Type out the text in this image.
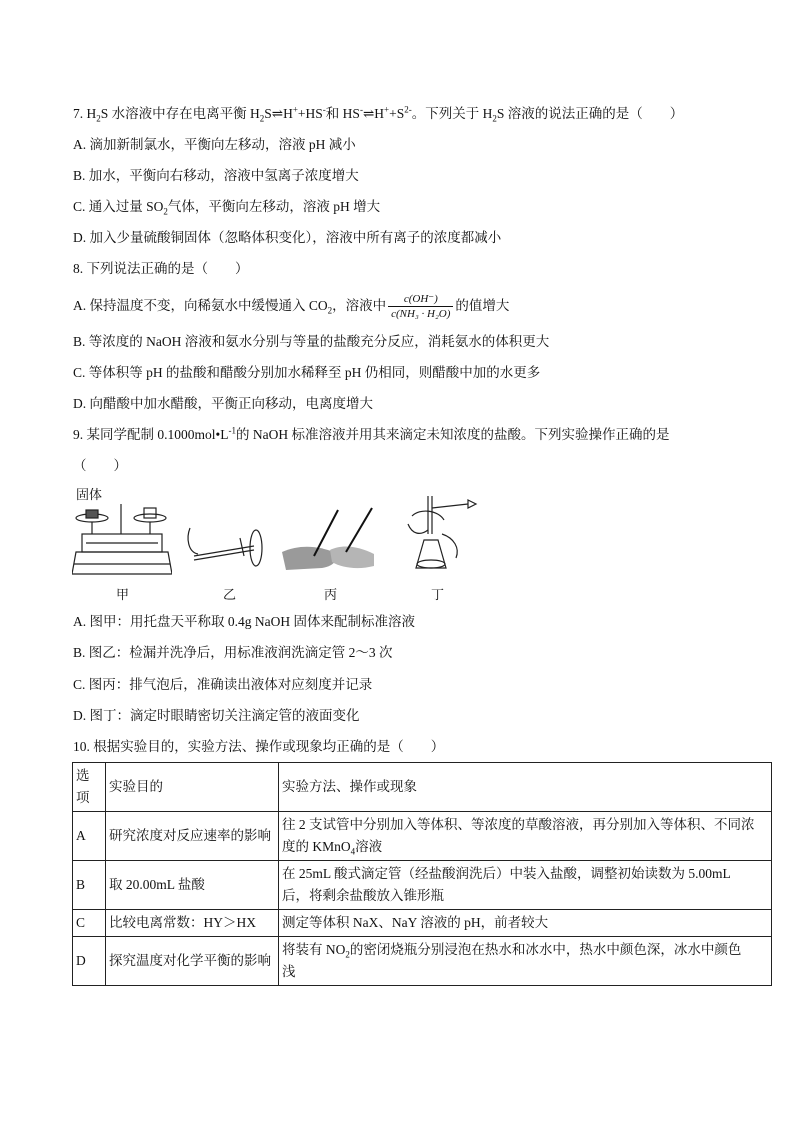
7. $H_2S$ 水溶液中存在电离平衡 $H_2S\rightleftharpoons H^++HS^-$和 $HS^-\rightleftharpoons H^++S^{2-}$。下列关于 $H_2S$ 溶液的说法正确的是（　　）
A. 滴加新制氯水，平衡向左移动，溶液 pH 减小
B. 加水，平衡向右移动，溶液中氢离子浓度增大
C. 通入过量 $SO_2$气体，平衡向左移动，溶液 pH 增大
D. 加入少量硫酸铜固体（忽略体积变化），溶液中所有离子的浓度都减小
8. 下列说法正确的是（　　）
A. 保持温度不变，向稀氨水中缓慢通入 $CO_2$，溶液中 $\frac{c(OH^-)}{\text{c(NH₃ · H₂O)}}$ 的值增大
B. 等浓度的 NaOH 溶液和氨水分别与等量的盐酸充分反应，消耗氨水的体积更大
C. 等体积等 pH 的盐酸和醋酸分别加水稀释至 pH 仍相同，则醋酸中加的水更多
D. 向醋酸中加水醋酸，平衡正向移动，电离度增大
9. 某同学配制 $0.1000mol•L^{-1}$的 NaOH 标准溶液并用其来滴定未知浓度的盐酸。下列实验操作正确的是
（　　）
固体
甲	乙	丙	丁
A. 图甲：用托盘天平称取 0.4g NaOH 固体来配制标准溶液
B. 图乙：检漏并洗净后，用标准液润洗滴定管 2～3 次
C. 图丙：排气泡后，准确读出液体对应刻度并记录
D. 图丁：滴定时眼睛密切关注滴定管的液面变化
10. 根据实验目的，实验方法、操作或现象均正确的是（　　）
选项	实验目的	实验方法、操作或现象
A	研究浓度对反应速率的影响	往 2 支试管中分别加入等体积、等浓度的草酸溶液，再分别加入等体积、不同浓
度的 KMnO$_4$溶液
B	取 20.00mL 盐酸	在 25mL 酸式滴定管（经盐酸润洗后）中装入盐酸，调整初始读数为 5.00mL
后，将剩余盐酸放入锥形瓶
C	比较电离常数：HY＞HX	测定等体积 NaX、NaY 溶液的 pH，前者较大
D	探究温度对化学平衡的影响	将装有 $NO_2$的密闭烧瓶分别浸泡在热水和冰水中，热水中颜色深，冰水中颜色
浅
